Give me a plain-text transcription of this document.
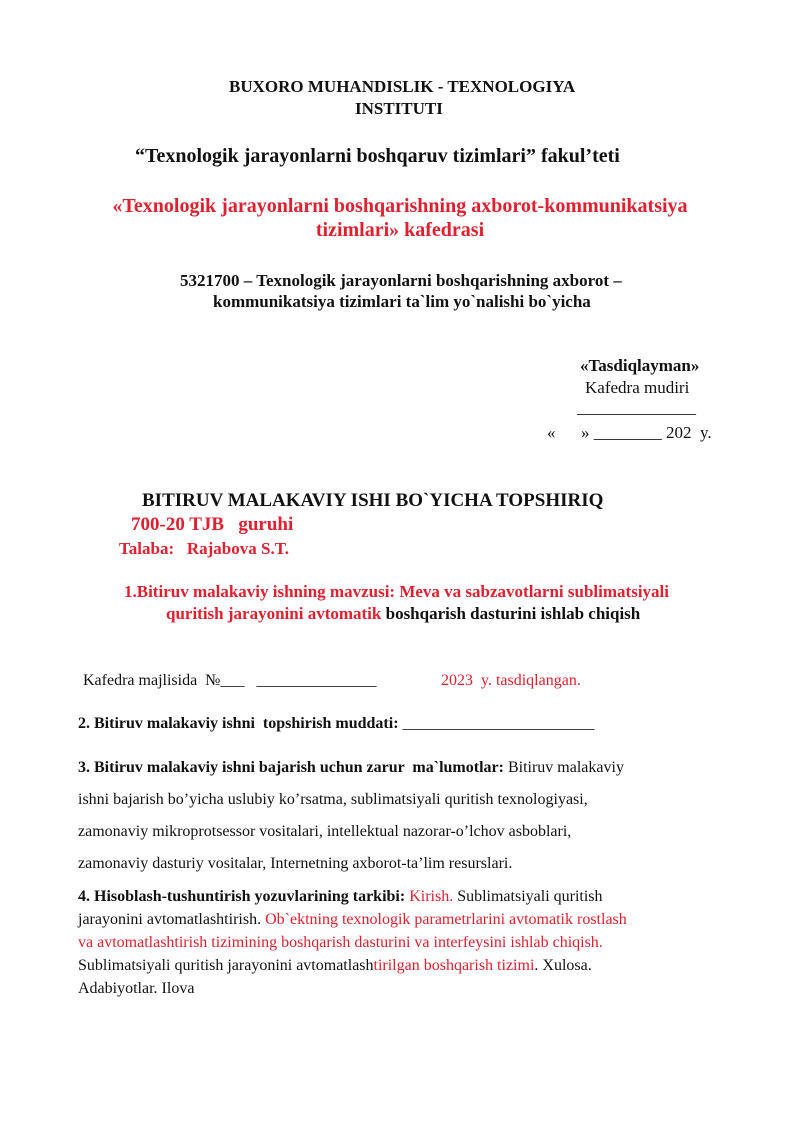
BUXORO MUHANDISLIK - TEXNOLOGIYA
INSTITUTI
“Texnologik jarayonlarni boshqaruv tizimlari” fakul’teti
«Texnologik jarayonlarni boshqarishning axborot-kommunikatsiya
tizimlari» kafedrasi
5321700 – Texnologik jarayonlarni boshqarishning axborot –
kommunikatsiya tizimlari ta`lim yo`nalishi bo`yicha
«Tasdiqlayman»
Kafedra mudiri
______________
«      » ________ 202  y.
BITIRUV MALAKAVIY ISHI BO`YICHA TOPSHIRIQ
700-20 TJB   guruhi
Talaba:   Rajabova S.T.
1.Bitiruv malakaviy ishning mavzusi: Meva va sabzavotlarni sublimatsiyali
quritish jarayonini avtomatik boshqarish dasturini ishlab chiqish
Kafedra majlisida  №___   _______________	2023  y. tasdiqlangan.
2. Bitiruv malakaviy ishni  topshirish muddati: ________________________
3. Bitiruv malakaviy ishni bajarish uchun zarur  ma`lumotlar: Bitiruv malakaviy
ishni bajarish bo’yicha uslubiy ko’rsatma, sublimatsiyali quritish texnologiyasi,
zamonaviy mikroprotsessor vositalari, intellektual nazorar-o’lchov asboblari,
zamonaviy dasturiy vositalar, Internetning axborot-ta’lim resurslari.
4. Hisoblash-tushuntirish yozuvlarining tarkibi: Kirish. Sublimatsiyali quritish
jarayonini avtomatlashtirish. Ob`ektning texnologik parametrlarini avtomatik rostlash
va avtomatlashtirish tizimining boshqarish dasturini va interfeysini ishlab chiqish.
Sublimatsiyali quritish jarayonini avtomatlashtirilgan boshqarish tizimi. Xulosa.
Adabiyotlar. Ilova
